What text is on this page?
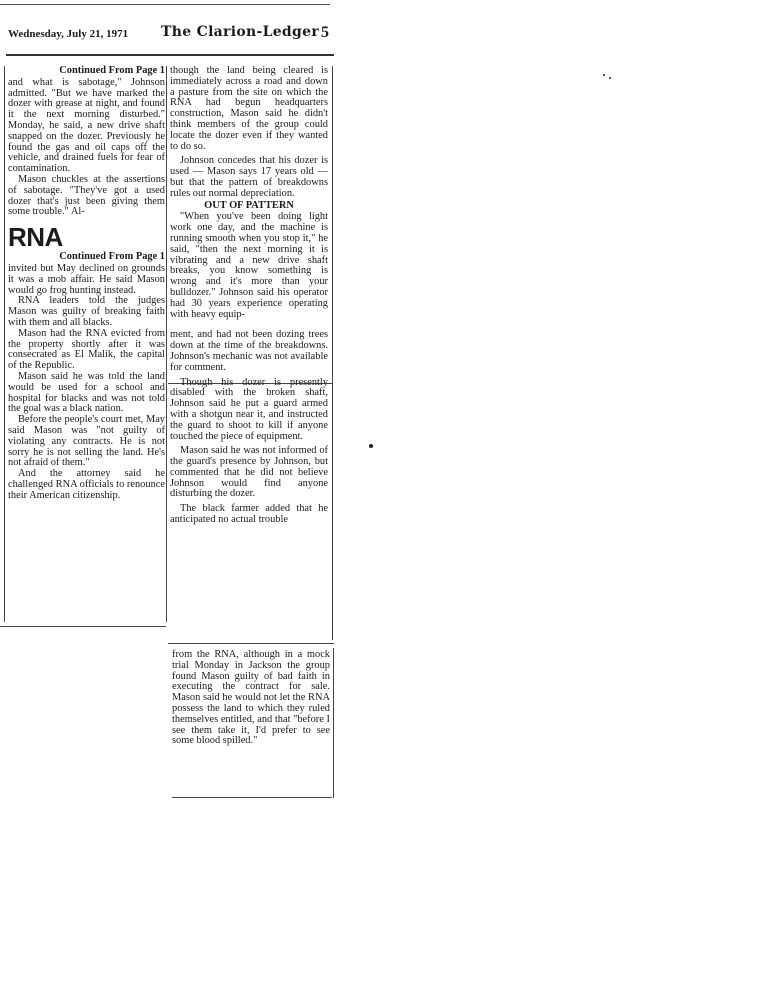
Wednesday, July 21, 1971 The Clarion-Ledger 5
Continued From Page 1

and what is sabotage," Johnson admitted. "But we have marked the dozer with grease at night, and found it the next morning disturbed." Monday, he said, a new drive shaft snapped on the dozer. Previously he found the gas and oil caps off the vehicle, and drained fuels for fear of contamination.

Mason chuckles at the assertions of sabotage. "They've got a used dozer that's just been giving them some trouble." Al-

RNA
Continued From Page 1

invited but May declined on grounds it was a mob affair. He said Mason would go frog hunting instead.

RNA leaders told the judges Mason was guilty of breaking faith with them and all blacks.

Mason had the RNA evicted from the property shortly after it was consecrated as El Malik, the capital of the Republic.

Mason said he was told the land would be used for a school and hospital for blacks and was not told the goal was a black nation.

Before the people's court met, May said Mason was "not guilty of violating any contracts. He is not sorry he is not selling the land. He's not afraid of them."

And the attorney said he challenged RNA officials to renounce their American citizenship.

though the land being cleared is immediately across a road and down a pasture from the site on which the RNA had begun headquarters construction, Mason said he didn't think members of the group could locate the dozer even if they wanted to do so.

Johnson concedes that his dozer is used — Mason says 17 years old — but that the pattern of breakdowns rules out normal depreciation.

OUT OF PATTERN

"When you've been doing light work one day, and the machine is running smooth when you stop it," he said, "then the next morning it is vibrating and a new drive shaft breaks, you know something is wrong and it's more than your bulldozer." Johnson said his operator had 30 years experience operating with heavy equip-

ment, and had not been dozing trees down at the time of the breakdowns. Johnson's mechanic was not available for comment.

Though his dozer is presently disabled with the broken shaft, Johnson said he put a guard armed with a shotgun near it, and instructed the guard to shoot to kill if anyone touched the piece of equipment.

Mason said he was not informed of the guard's presence by Johnson, but commented that he did not believe Johnson would find anyone disturbing the dozer.

The black farmer added that he anticipated no actual trouble

from the RNA, although in a mock trial Monday in Jackson the group found Mason guilty of bad faith in executing the contract for sale. Mason said he would not let the RNA possess the land to which they ruled themselves entitled, and that "before I see them take it, I'd prefer to see some blood spilled."
